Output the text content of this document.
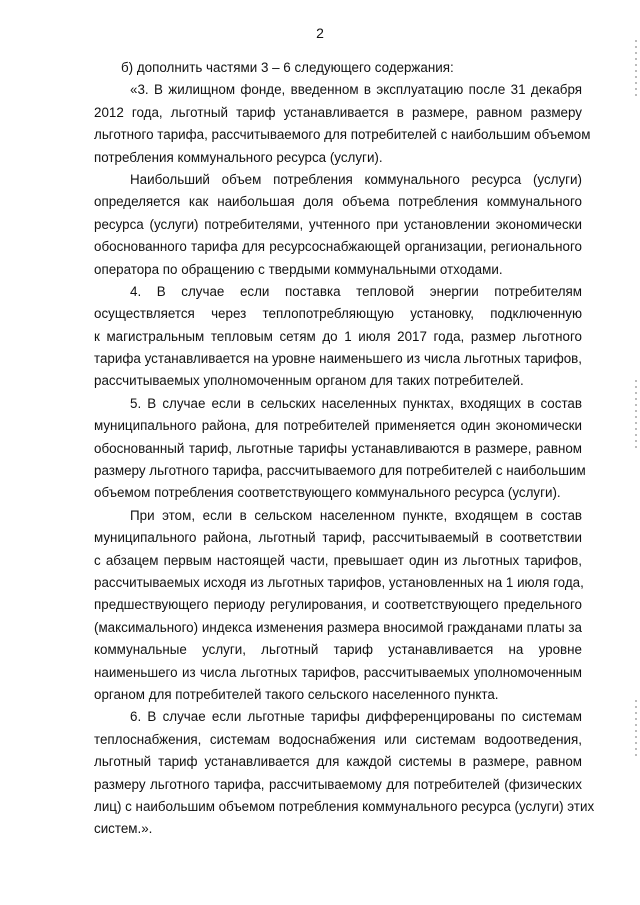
2
б) дополнить частями 3 – 6 следующего содержания:
«3. В жилищном фонде, введенном в эксплуатацию после 31 декабря
2012 года, льготный тариф устанавливается в размере, равном размеру
льготного тарифа, рассчитываемого для потребителей с наибольшим объемом
потребления коммунального ресурса (услуги).
Наибольший объем потребления коммунального ресурса (услуги)
определяется как наибольшая доля объема потребления коммунального
ресурса (услуги) потребителями, учтенного при установлении экономически
обоснованного тарифа для ресурсоснабжающей организации, регионального
оператора по обращению с твердыми коммунальными отходами.
4. В случае если поставка тепловой энергии потребителям
осуществляется через теплопотребляющую установку, подключенную
к магистральным тепловым сетям до 1 июля 2017 года, размер льготного
тарифа устанавливается на уровне наименьшего из числа льготных тарифов,
рассчитываемых уполномоченным органом для таких потребителей.
5. В случае если в сельских населенных пунктах, входящих в состав
муниципального района, для потребителей применяется один экономически
обоснованный тариф, льготные тарифы устанавливаются в размере, равном
размеру льготного тарифа, рассчитываемого для потребителей с наибольшим
объемом потребления соответствующего коммунального ресурса (услуги).
При этом, если в сельском населенном пункте, входящем в состав
муниципального района, льготный тариф, рассчитываемый в соответствии
с абзацем первым настоящей части, превышает один из льготных тарифов,
рассчитываемых исходя из льготных тарифов, установленных на 1 июля года,
предшествующего периоду регулирования, и соответствующего предельного
(максимального) индекса изменения размера вносимой гражданами платы за
коммунальные услуги, льготный тариф устанавливается на уровне
наименьшего из числа льготных тарифов, рассчитываемых уполномоченным
органом для потребителей такого сельского населенного пункта.
6. В случае если льготные тарифы дифференцированы по системам
теплоснабжения, системам водоснабжения или системам водоотведения,
льготный тариф устанавливается для каждой системы в размере, равном
размеру льготного тарифа, рассчитываемому для потребителей (физических
лиц) с наибольшим объемом потребления коммунального ресурса (услуги) этих
систем.».
